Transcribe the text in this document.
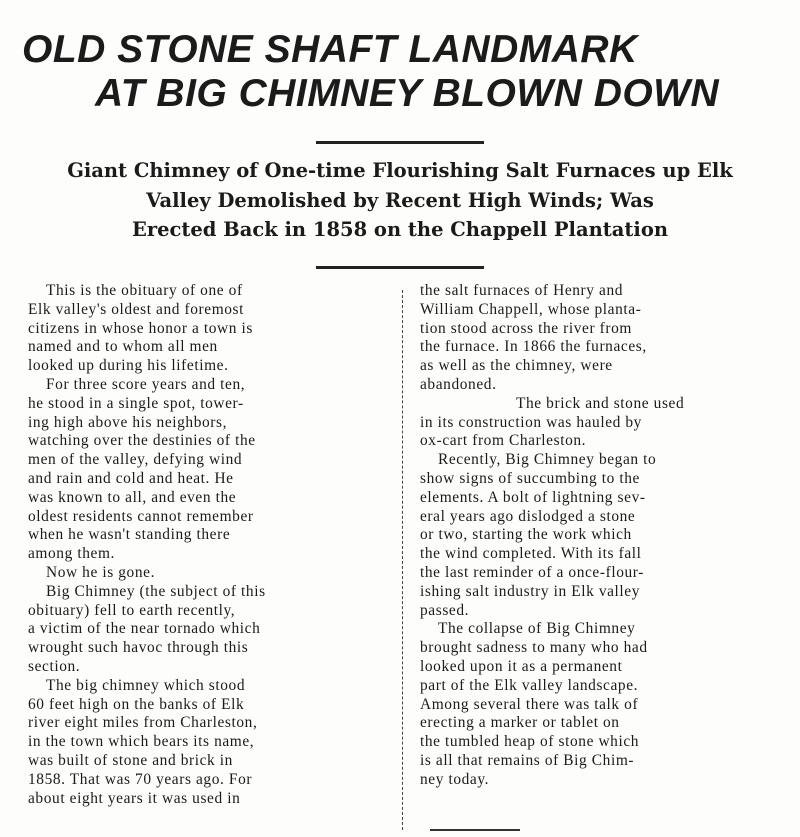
OLD STONE SHAFT LANDMARK
AT BIG CHIMNEY BLOWN DOWN
Giant Chimney of One-time Flourishing Salt Furnaces up Elk
Valley Demolished by Recent High Winds; Was
Erected Back in 1858 on the Chappell Plantation
This is the obituary of one of
Elk valley's oldest and foremost
citizens in whose honor a town is
named and to whom all men
looked up during his lifetime.
For three score years and ten,
he stood in a single spot, tower-
ing high above his neighbors,
watching over the destinies of the
men of the valley, defying wind
and rain and cold and heat. He
was known to all, and even the
oldest residents cannot remember
when he wasn't standing there
among them.
Now he is gone.
Big Chimney (the subject of this
obituary) fell to earth recently,
a victim of the near tornado which
wrought such havoc through this
section.
The big chimney which stood
60 feet high on the banks of Elk
river eight miles from Charleston,
in the town which bears its name,
was built of stone and brick in
1858. That was 70 years ago. For
about eight years it was used in
the salt furnaces of Henry and
William Chappell, whose planta-
tion stood across the river from
the furnace. In 1866 the furnaces,
as well as the chimney, were
abandoned.
The brick and stone used
in its construction was hauled by
ox-cart from Charleston.
Recently, Big Chimney began to
show signs of succumbing to the
elements. A bolt of lightning sev-
eral years ago dislodged a stone
or two, starting the work which
the wind completed. With its fall
the last reminder of a once-flour-
ishing salt industry in Elk valley
passed.
The collapse of Big Chimney
brought sadness to many who had
looked upon it as a permanent
part of the Elk valley landscape.
Among several there was talk of
erecting a marker or tablet on
the tumbled heap of stone which
is all that remains of Big Chim-
ney today.
